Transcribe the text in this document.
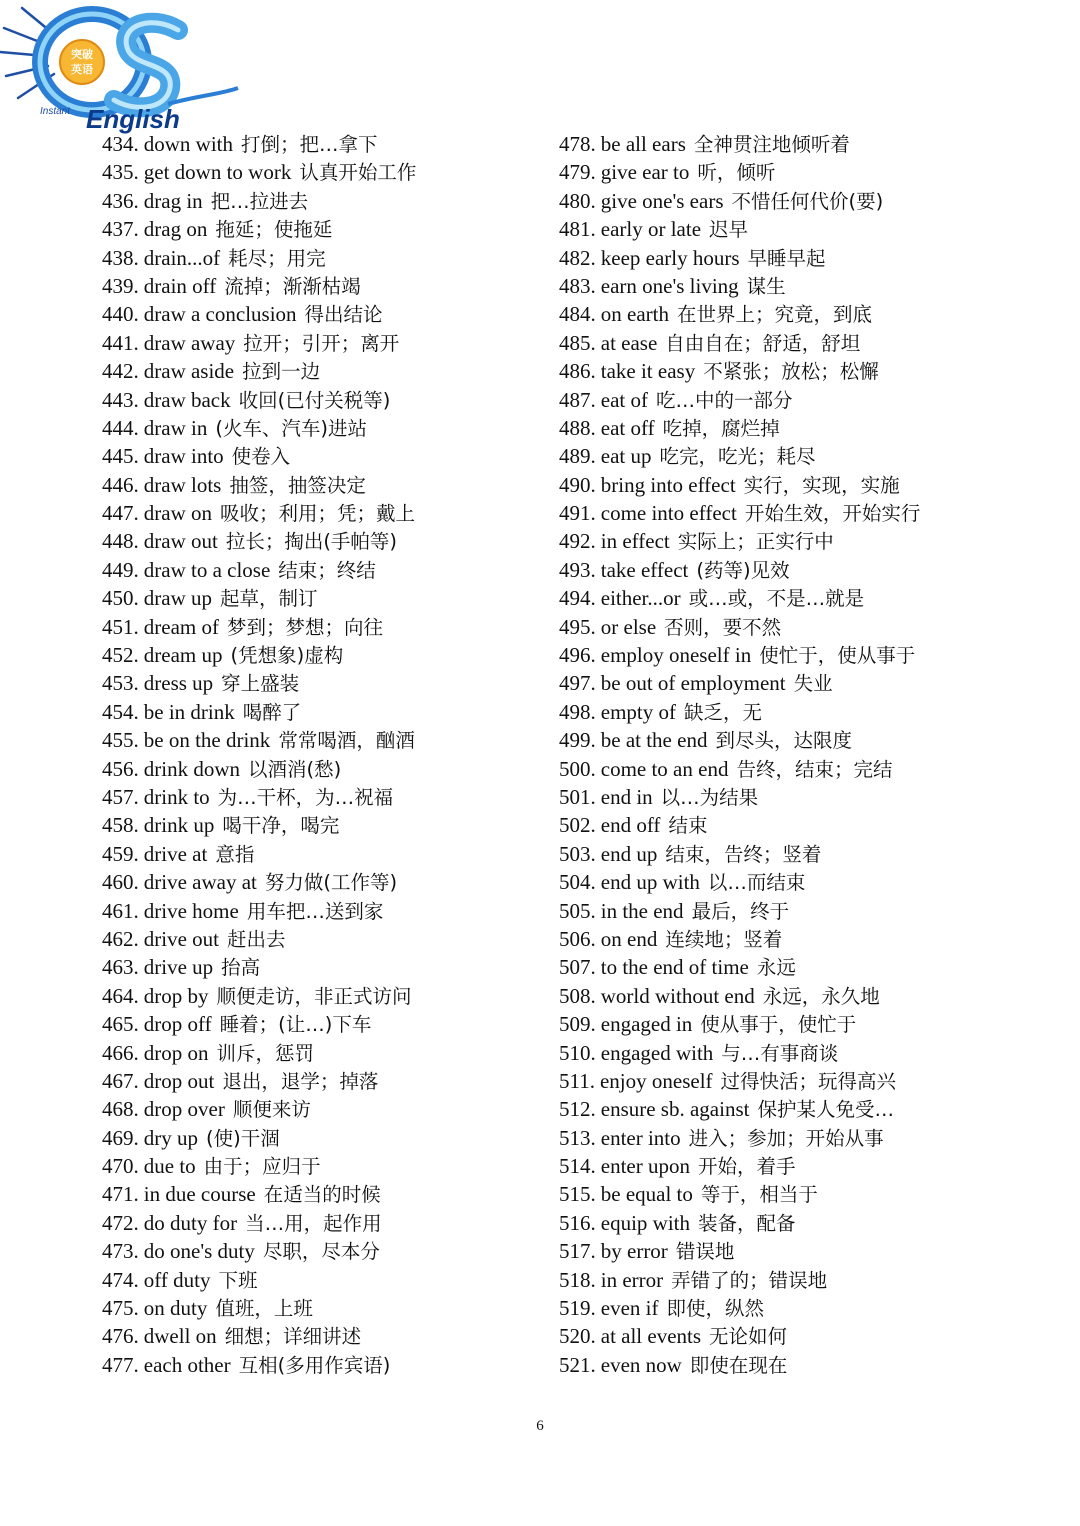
突破
英语
Instant English
434. down with 打倒；把…拿下
435. get down to work 认真开始工作
436. drag in 把…拉进去
437. drag on 拖延；使拖延
438. drain...of 耗尽；用完
439. drain off 流掉；渐渐枯竭
440. draw a conclusion 得出结论
441. draw away 拉开；引开；离开
442. draw aside 拉到一边
443. draw back 收回(已付关税等)
444. draw in (火车、汽车)进站
445. draw into 使卷入
446. draw lots 抽签，抽签决定
447. draw on 吸收；利用；凭；戴上
448. draw out 拉长；掏出(手帕等)
449. draw to a close 结束；终结
450. draw up 起草，制订
451. dream of 梦到；梦想；向往
452. dream up (凭想象)虚构
453. dress up 穿上盛装
454. be in drink 喝醉了
455. be on the drink 常常喝酒，酗酒
456. drink down 以酒消(愁)
457. drink to 为…干杯，为…祝福
458. drink up 喝干净，喝完
459. drive at 意指
460. drive away at 努力做(工作等)
461. drive home 用车把…送到家
462. drive out 赶出去
463. drive up 抬高
464. drop by 顺便走访，非正式访问
465. drop off 睡着；(让…)下车
466. drop on 训斥，惩罚
467. drop out 退出，退学；掉落
468. drop over 顺便来访
469. dry up (使)干涸
470. due to 由于；应归于
471. in due course 在适当的时候
472. do duty for 当…用，起作用
473. do one's duty 尽职，尽本分
474. off duty 下班
475. on duty 值班，上班
476. dwell on 细想；详细讲述
477. each other 互相(多用作宾语)
478. be all ears 全神贯注地倾听着
479. give ear to 听，倾听
480. give one's ears 不惜任何代价(要)
481. early or late 迟早
482. keep early hours 早睡早起
483. earn one's living 谋生
484. on earth 在世界上；究竟，到底
485. at ease 自由自在；舒适，舒坦
486. take it easy 不紧张；放松；松懈
487. eat of 吃…中的一部分
488. eat off 吃掉，腐烂掉
489. eat up 吃完，吃光；耗尽
490. bring into effect 实行，实现，实施
491. come into effect 开始生效，开始实行
492. in effect 实际上；正实行中
493. take effect (药等)见效
494. either...or 或…或，不是…就是
495. or else 否则，要不然
496. employ oneself in 使忙于，使从事于
497. be out of employment 失业
498. empty of 缺乏，无
499. be at the end 到尽头，达限度
500. come to an end 告终，结束；完结
501. end in 以…为结果
502. end off 结束
503. end up 结束，告终；竖着
504. end up with 以…而结束
505. in the end 最后，终于
506. on end 连续地；竖着
507. to the end of time 永远
508. world without end 永远，永久地
509. engaged in 使从事于，使忙于
510. engaged with 与…有事商谈
511. enjoy oneself 过得快活；玩得高兴
512. ensure sb. against 保护某人免受…
513. enter into 进入；参加；开始从事
514. enter upon 开始，着手
515. be equal to 等于，相当于
516. equip with 装备，配备
517. by error 错误地
518. in error 弄错了的；错误地
519. even if 即使，纵然
520. at all events 无论如何
521. even now 即使在现在
6
